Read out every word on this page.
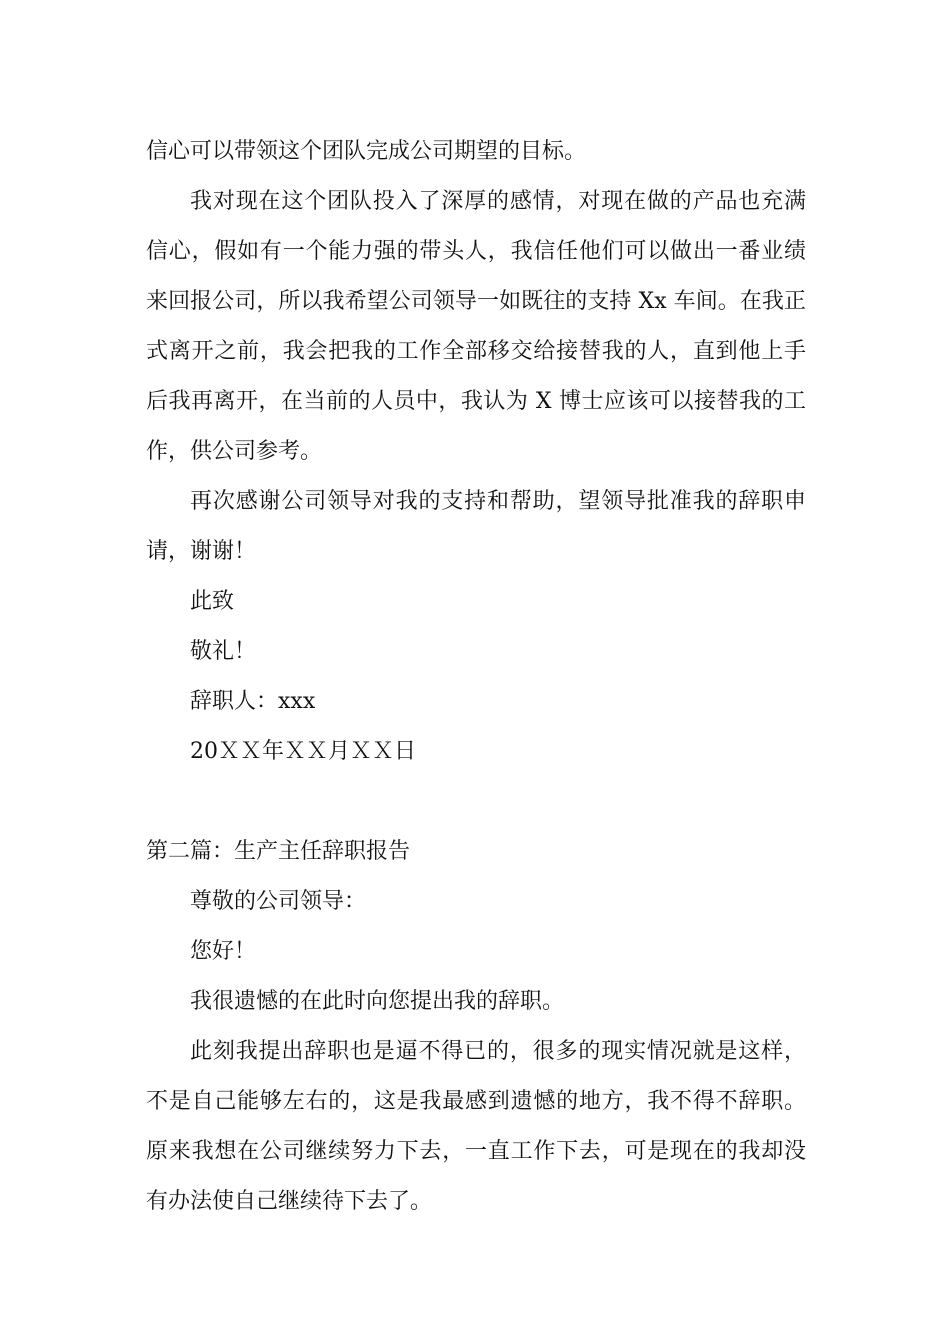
信心可以带领这个团队完成公司期望的目标。
我对现在这个团队投入了深厚的感情，对现在做的产品也充满
信心，假如有一个能力强的带头人，我信任他们可以做出一番业绩
来回报公司，所以我希望公司领导一如既往的支持 Xx 车间。在我正
式离开之前，我会把我的工作全部移交给接替我的人，直到他上手
后我再离开，在当前的人员中，我认为 X 博士应该可以接替我的工
作，供公司参考。
再次感谢公司领导对我的支持和帮助，望领导批准我的辞职申
请，谢谢！
此致
敬礼！
辞职人：xxx
20ＸＸ年ＸＸ月ＸＸ日
第二篇：生产主任辞职报告
尊敬的公司领导：
您好！
我很遗憾的在此时向您提出我的辞职。
此刻我提出辞职也是逼不得已的，很多的现实情况就是这样，
不是自己能够左右的，这是我最感到遗憾的地方，我不得不辞职。
原来我想在公司继续努力下去，一直工作下去，可是现在的我却没
有办法使自己继续待下去了。
